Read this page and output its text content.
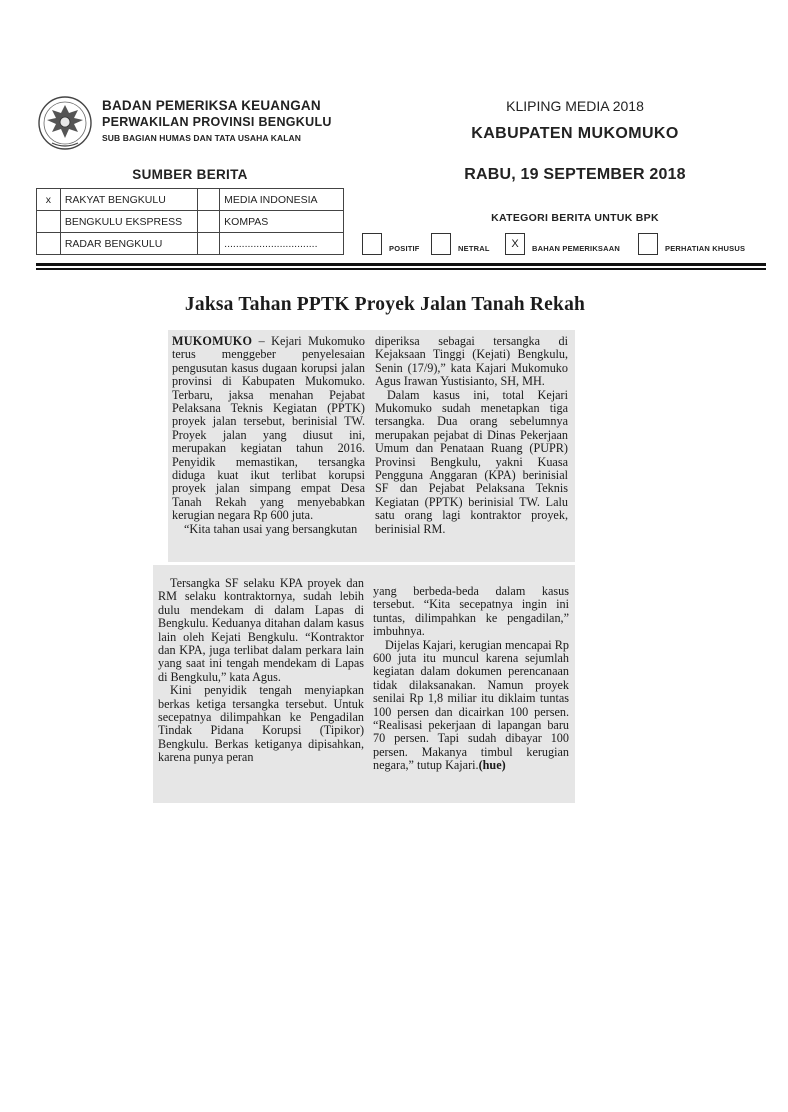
BADAN PEMERIKSA KEUANGAN
PERWAKILAN PROVINSI BENGKULU
SUB BAGIAN HUMAS DAN TATA USAHA KALAN
KLIPING MEDIA 2018
KABUPATEN MUKOMUKO
RABU, 19 SEPTEMBER 2018
SUMBER BERITA
x	RAKYAT BENGKULU		MEDIA INDONESIA
	BENGKULU EKSPRESS		KOMPAS
	RADAR BENGKULU		................................
KATEGORI BERITA UNTUK BPK
POSITIF	NETRAL	X	BAHAN PEMERIKSAAN	PERHATIAN KHUSUS
Jaksa Tahan PPTK Proyek Jalan Tanah Rekah

MUKOMUKO – Kejari Mukomuko terus menggeber penyelesaian pengusutan kasus dugaan korupsi jalan provinsi di Kabupaten Mukomuko. Terbaru, jaksa menahan Pejabat Pelaksana Teknis Kegiatan (PPTK) proyek jalan tersebut, berinisial TW. Proyek jalan yang diusut ini, merupakan kegiatan tahun 2016. Penyidik memastikan, tersangka diduga kuat ikut terlibat korupsi proyek jalan simpang empat Desa Tanah Rekah yang menyebabkan kerugian negara Rp 600 juta.

“Kita tahan usai yang bersangkutan

diperiksa sebagai tersangka di Kejaksaan Tinggi (Kejati) Bengkulu, Senin (17/9),” kata Kajari Mukomuko Agus Irawan Yustisianto, SH, MH.

Dalam kasus ini, total Kejari Mukomuko sudah menetapkan tiga tersangka. Dua orang sebelumnya merupakan pejabat di Dinas Pekerjaan Umum dan Penataan Ruang (PUPR) Provinsi Bengkulu, yakni Kuasa Pengguna Anggaran (KPA) berinisial SF dan Pejabat Pelaksana Teknis Kegiatan (PPTK) berinisial TW. Lalu satu orang lagi kontraktor proyek, berinisial RM.

Tersangka SF selaku KPA proyek dan RM selaku kontraktornya, sudah lebih dulu mendekam di dalam Lapas di Bengkulu. Keduanya ditahan dalam kasus lain oleh Kejati Bengkulu. “Kontraktor dan KPA, juga terlibat dalam perkara lain yang saat ini tengah mendekam di Lapas di Bengkulu,” kata Agus.

Kini penyidik tengah menyiapkan berkas ketiga tersangka tersebut. Untuk secepatnya dilimpahkan ke Pengadilan Tindak Pidana Korupsi (Tipikor) Bengkulu. Berkas ketiganya dipisahkan, karena punya peran

yang berbeda-beda dalam kasus tersebut. “Kita secepatnya ingin ini tuntas, dilimpahkan ke pengadilan,” imbuhnya.

Dijelas Kajari, kerugian mencapai Rp 600 juta itu muncul karena sejumlah kegiatan dalam dokumen perencanaan tidak dilaksanakan. Namun proyek senilai Rp 1,8 miliar itu diklaim tuntas 100 persen dan dicairkan 100 persen. “Realisasi pekerjaan di lapangan baru 70 persen. Tapi sudah dibayar 100 persen. Makanya timbul kerugian negara,” tutup Kajari.(hue)
